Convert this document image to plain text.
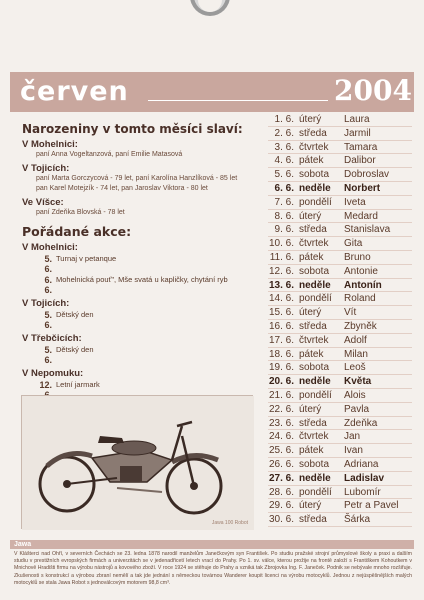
červen	2004
Narozeniny v tomto měsíci slaví:
V Mohelnici:
paní Anna Vogeltanzová, paní Emilie Matasová
V Tojicích:
paní Marta Gorczycová - 79 let, paní Karolína Hanzlíková - 85 let
pan Karel Motejzík - 74 let, pan Jaroslav Viktora - 80 let
Ve Víšce:
paní Zdeňka Blovská - 78 let
Pořádané akce:
V Mohelnici:
5. 6.
Turnaj v petanque
6. 6.
Mohelnická pouť", Mše svatá u kapličky, chytání ryb
V Tojicích:
5. 6.
Dětský den
V Třebčicích:
5. 6.
Dětský den
V Nepomuku:
12. Letní jarmark
Jawa 100 Robot
1. 6. úterý Laura
2. 6. středa Jarmil
3. 6. čtvrtek Tamara
4. 6. pátek Dalibor
5. 6. sobota Dobroslav
6. 6. neděle Norbert
7. 6. pondělí Iveta
8. 6. úterý Medard
9. 6. středa Stanislava
10. 6. čtvrtek Gita
11. 6. pátek Bruno
12. 6. sobota Antonie
13. 6. neděle Antonín
14. 6. pondělí Roland
15. 6. úterý Vít
16. 6. středa Zbyněk
17. 6. čtvrtek Adolf
18. 6. pátek Milan
19. 6. sobota Leoš
20. 6. neděle Květa
21. 6. pondělí Alois
22. 6. úterý Pavla
23. 6. středa Zdeňka
24. 6. čtvrtek Jan
25. 6. pátek Ivan
26. 6. sobota Adriana
27. 6. neděle Ladislav
28. 6. pondělí Lubomír
29. 6. úterý Petr a Pavel
30. 6. středa Šárka
Jawa
V Klášterci nad Ohří, v severních Čechách se 23. ledna 1878 narodil manželům Janečkovým syn František. Po studiu pražské strojní průmyslové školy a praxi a dalším studiu v prestižních evropských firmách a univerzitách se v jedenadřicetí letech vrací do Prahy. Po 1. sv. válce, kterou prožije na frontě založí s Františkem Kohoutkem v Mnichově Hradišti firmu na výrobu nástrojů a kovového zboží. V roce 1924 se stěhuje do Prahy a vzniká tak Zbrojovka Ing. F. Janeček. Podnik se nebývale mnoho rozšiřuje. Zkušenosti s konstrukcí a výrobou zbraní nemělí a tak jde jednání s německou továrnou Wanderer koupit licenci na výrobu motocyklů. Jednou z nejúspěšnějších malých motocyklů se stala Jawa Robot s jednoválcovým motorem 98,8 cm³.
